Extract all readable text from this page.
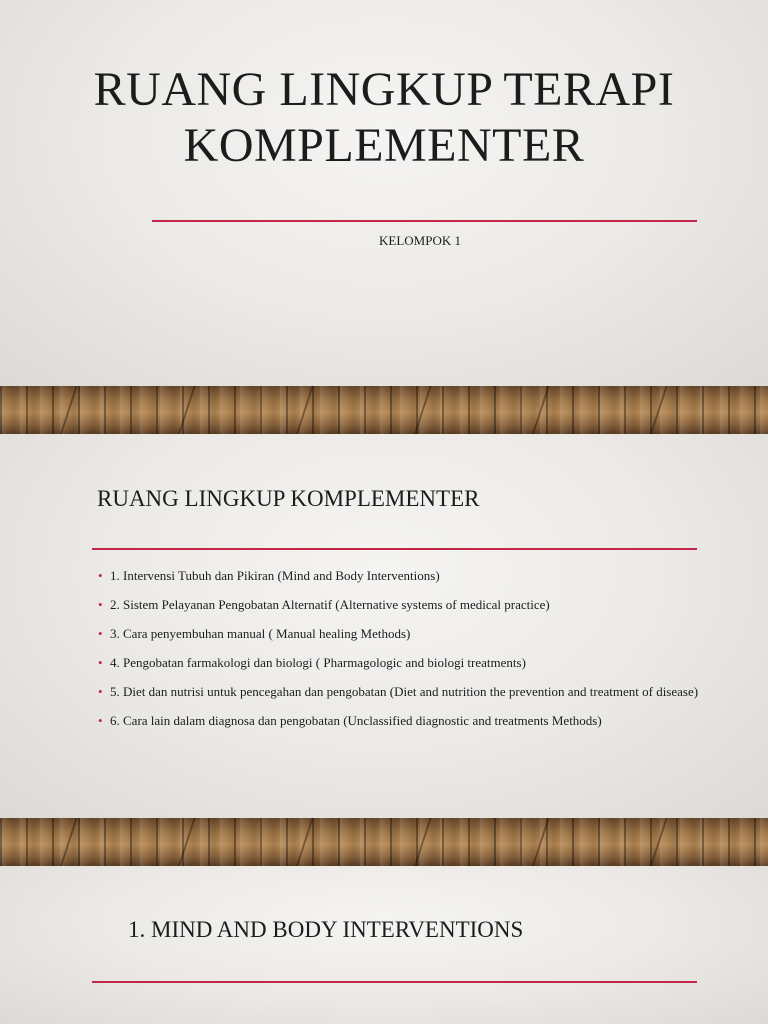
RUANG LINGKUP TERAPI
KOMPLEMENTER

KELOMPOK 1

RUANG LINGKUP KOMPLEMENTER
• 1. Intervensi Tubuh dan Pikiran (Mind and Body Interventions)
• 2. Sistem Pelayanan Pengobatan Alternatif (Alternative systems of medical practice)
• 3. Cara penyembuhan manual ( Manual healing Methods)
• 4. Pengobatan farmakologi dan biologi ( Pharmagologic and biologi treatments)
• 5. Diet dan nutrisi untuk pencegahan dan pengobatan (Diet and nutrition the prevention and treatment of disease)
• 6. Cara lain dalam diagnosa dan pengobatan (Unclassified diagnostic and treatments Methods)
1. MIND AND BODY INTERVENTIONS
